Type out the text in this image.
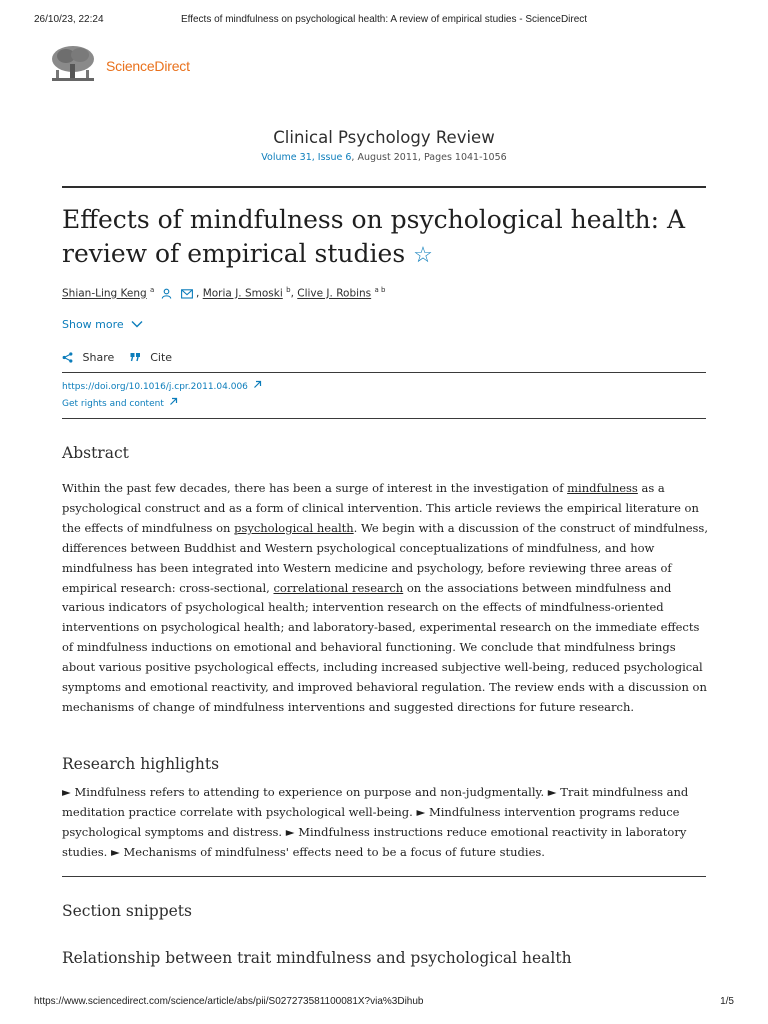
26/10/23, 22:24	Effects of mindfulness on psychological health: A review of empirical studies - ScienceDirect
ScienceDirect
Clinical Psychology Review
Volume 31, Issue 6, August 2011, Pages 1041-1056
Effects of mindfulness on psychological health: A review of empirical studies ☆
Shian-Ling Keng $^a$	, Moria J. Smoski $^b$, Clive J. Robins $^{a b}$
Show more
Share	Cite
https://doi.org/10.1016/j.cpr.2011.04.006
Get rights and content
Abstract

Within the past few decades, there has been a surge of interest in the investigation of mindfulness as a psychological construct and as a form of clinical intervention. This article reviews the empirical literature on the effects of mindfulness on psychological health. We begin with a discussion of the construct of mindfulness, differences between Buddhist and Western psychological conceptualizations of mindfulness, and how mindfulness has been integrated into Western medicine and psychology, before reviewing three areas of empirical research: cross-sectional, correlational research on the associations between mindfulness and various indicators of psychological health; intervention research on the effects of mindfulness-oriented interventions on psychological health; and laboratory-based, experimental research on the immediate effects of mindfulness inductions on emotional and behavioral functioning. We conclude that mindfulness brings about various positive psychological effects, including increased subjective well-being, reduced psychological symptoms and emotional reactivity, and improved behavioral regulation. The review ends with a discussion on mechanisms of change of mindfulness interventions and suggested directions for future research.

Research highlights
► Mindfulness refers to attending to experience on purpose and non-judgmentally. ► Trait mindfulness and meditation practice correlate with psychological well-being. ► Mindfulness intervention programs reduce psychological symptoms and distress. ► Mindfulness instructions reduce emotional reactivity in laboratory studies. ► Mechanisms of mindfulness' effects need to be a focus of future studies.
Section snippets
Relationship between trait mindfulness and psychological health
https://www.sciencedirect.com/science/article/abs/pii/S027273581100081X?via%3Dihub	1/5
